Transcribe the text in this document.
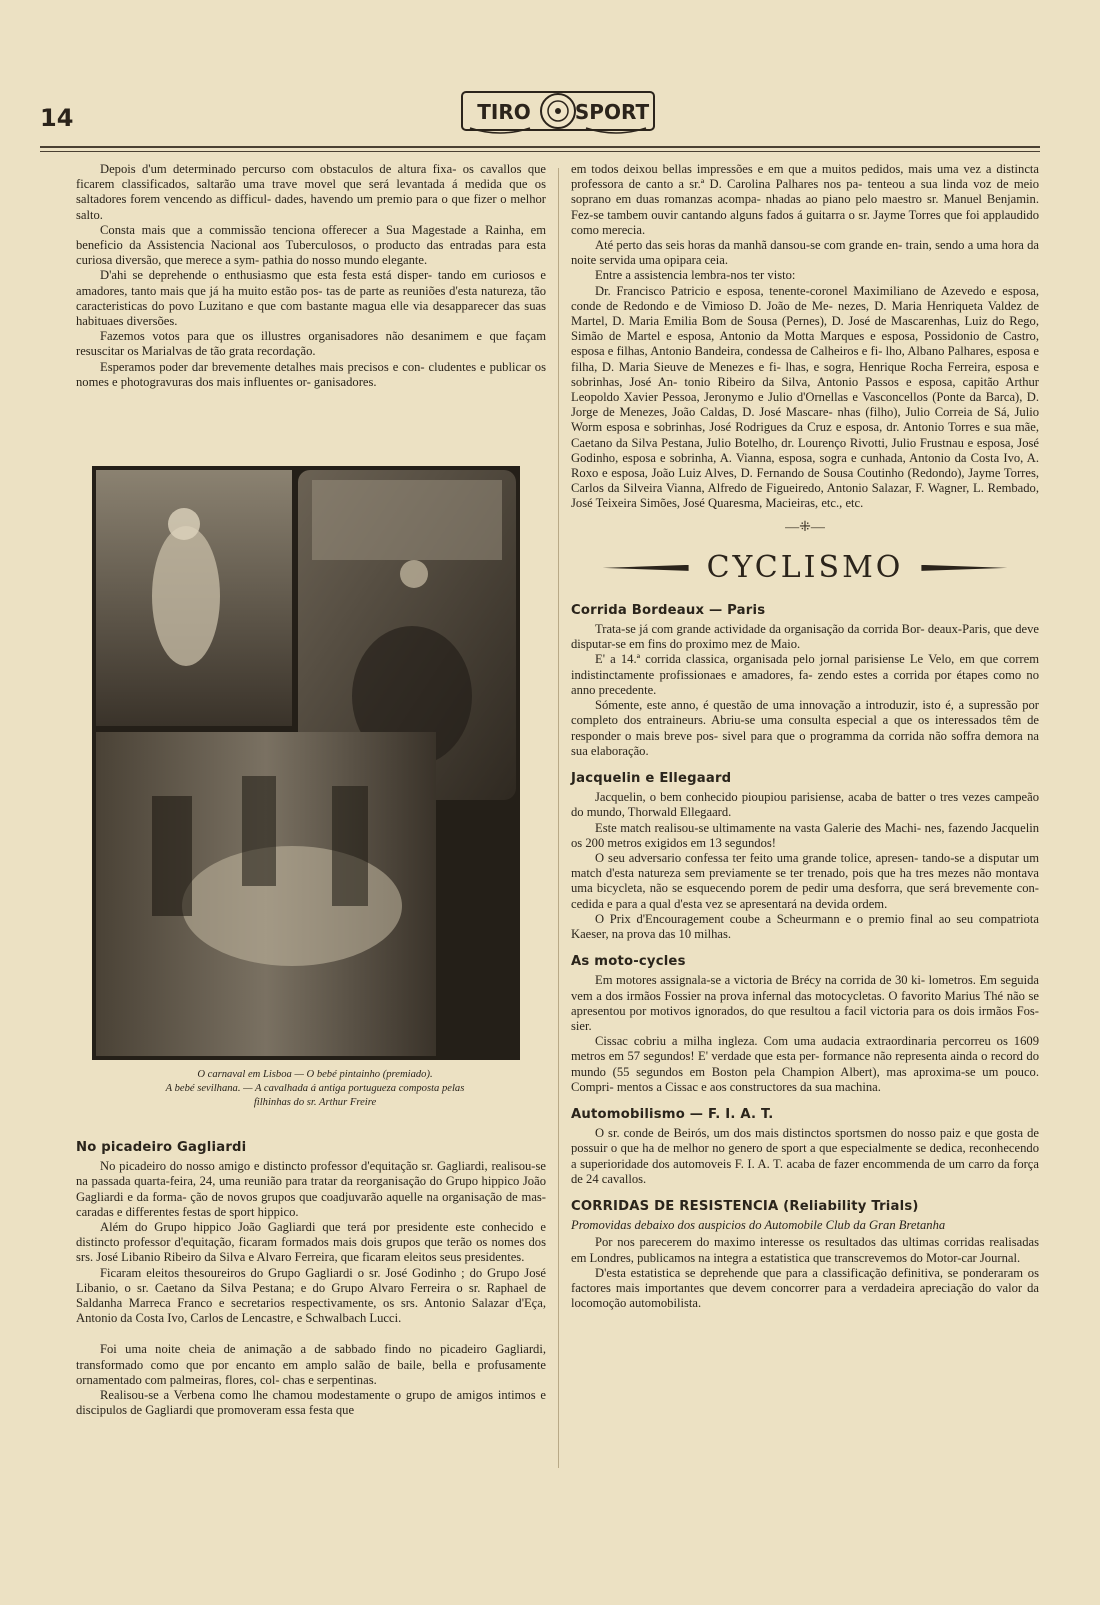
14	TIRO SPORT

Depois d'um determinado percurso com obstaculos de altura fixa- os cavallos que ficarem classificados, saltarão uma trave movel que será levantada á medida que os saltadores forem vencendo as difficul- dades, havendo um premio para o que fizer o melhor salto.

Consta mais que a commissão tenciona offerecer a Sua Magestade a Rainha, em beneficio da Assistencia Nacional aos Tuberculosos, o producto das entradas para esta curiosa diversão, que merece a sym- pathia do nosso mundo elegante.

D'ahi se deprehende o enthusiasmo que esta festa está disper- tando em curiosos e amadores, tanto mais que já ha muito estão pos- tas de parte as reuniões d'esta natureza, tão caracteristicas do povo Luzitano e que com bastante magua elle via desapparecer das suas habituaes diversões.

Fazemos votos para que os illustres organisadores não desanimem e que façam resuscitar os Marialvas de tão grata recordação.

Esperamos poder dar brevemente detalhes mais precisos e con- cludentes e publicar os nomes e photogravuras dos mais influentes or- ganisadores.

O carnaval em Lisboa — O bebé pintainho (premiado).
A bebé sevilhana. — A cavalhada á antiga portugueza composta pelas
filhinhas do sr. Arthur Freire
No picadeiro Gagliardi

No picadeiro do nosso amigo e distincto professor d'equitação sr. Gagliardi, realisou-se na passada quarta-feira, 24, uma reunião para tratar da reorganisação do Grupo hippico João Gagliardi e da forma- ção de novos grupos que coadjuvarão aquelle na organisação de mas- caradas e differentes festas de sport hippico.

Além do Grupo hippico João Gagliardi que terá por presidente este conhecido e distincto professor d'equitação, ficaram formados mais dois grupos que terão os nomes dos srs. José Libanio Ribeiro da Silva e Alvaro Ferreira, que ficaram eleitos seus presidentes.

Ficaram eleitos thesoureiros do Grupo Gagliardi o sr. José Godinho ; do Grupo José Libanio, o sr. Caetano da Silva Pestana; e do Grupo Alvaro Ferreira o sr. Raphael de Saldanha Marreca Franco e secretarios respectivamente, os srs. Antonio Salazar d'Eça, Antonio da Costa Ivo, Carlos de Lencastre, e Schwalbach Lucci.

Foi uma noite cheia de animação a de sabbado findo no picadeiro Gagliardi, transformado como que por encanto em amplo salão de baile, bella e profusamente ornamentado com palmeiras, flores, col- chas e serpentinas.

Realisou-se a Verbena como lhe chamou modestamente o grupo de amigos intimos e discipulos de Gagliardi que promoveram essa festa que

em todos deixou bellas impressões e em que a muitos pedidos, mais uma vez a distincta professora de canto a sr.ª D. Carolina Palhares nos pa- tenteou a sua linda voz de meio soprano em duas romanzas acompa- nhadas ao piano pelo maestro sr. Manuel Benjamin. Fez-se tambem ouvir cantando alguns fados á guitarra o sr. Jayme Torres que foi applaudido como merecia.

Até perto das seis horas da manhã dansou-se com grande en- train, sendo a uma hora da noite servida uma opipara ceia.

Entre a assistencia lembra-nos ter visto:

Dr. Francisco Patricio e esposa, tenente-coronel Maximiliano de Azevedo e esposa, conde de Redondo e de Vimioso D. João de Me- nezes, D. Maria Henriqueta Valdez de Martel, D. Maria Emilia Bom de Sousa (Pernes), D. José de Mascarenhas, Luiz do Rego, Simão de Martel e esposa, Antonio da Motta Marques e esposa, Possidonio de Castro, esposa e filhas, Antonio Bandeira, condessa de Calheiros e fi- lho, Albano Palhares, esposa e filha, D. Maria Sieuve de Menezes e fi- lhas, e sogra, Henrique Rocha Ferreira, esposa e sobrinhas, José An- tonio Ribeiro da Silva, Antonio Passos e esposa, capitão Arthur Leopoldo Xavier Pessoa, Jeronymo e Julio d'Ornellas e Vasconcellos (Ponte da Barca), D. Jorge de Menezes, João Caldas, D. José Mascare- nhas (filho), Julio Correia de Sá, Julio Worm esposa e sobrinhas, José Rodrigues da Cruz e esposa, dr. Antonio Torres e sua mãe, Caetano da Silva Pestana, Julio Botelho, dr. Lourenço Rivotti, Julio Frustnau e esposa, José Godinho, esposa e sobrinha, A. Vianna, esposa, sogra e cunhada, Antonio da Costa Ivo, A. Roxo e esposa, João Luiz Alves, D. Fernando de Sousa Coutinho (Redondo), Jayme Torres, Carlos da Silveira Vianna, Alfredo de Figueiredo, Antonio Salazar, F. Wagner, L. Rembado, José Teixeira Simões, José Quaresma, Macieiras, etc., etc.

—⁜—
CYCLISMO
Corrida Bordeaux — Paris

Trata-se já com grande actividade da organisação da corrida Bor- deaux-Paris, que deve disputar-se em fins do proximo mez de Maio.

E' a 14.ª corrida classica, organisada pelo jornal parisiense Le Velo, em que correm indistinctamente profissionaes e amadores, fa- zendo estes a corrida por étapes como no anno precedente.

Sómente, este anno, é questão de uma innovação a introduzir, isto é, a supressão por completo dos entraineurs. Abriu-se uma consulta especial a que os interessados têm de responder o mais breve pos- sivel para que o programma da corrida não soffra demora na sua elaboração.

Jacquelin e Ellegaard

Jacquelin, o bem conhecido pioupiou parisiense, acaba de batter o tres vezes campeão do mundo, Thorwald Ellegaard.

Este match realisou-se ultimamente na vasta Galerie des Machi- nes, fazendo Jacquelin os 200 metros exigidos em 13 segundos!

O seu adversario confessa ter feito uma grande tolice, apresen- tando-se a disputar um match d'esta natureza sem previamente se ter trenado, pois que ha tres mezes não montava uma bicycleta, não se esquecendo porem de pedir uma desforra, que será brevemente con- cedida e para a qual d'esta vez se apresentará na devida ordem.

O Prix d'Encouragement coube a Scheurmann e o premio final ao seu compatriota Kaeser, na prova das 10 milhas.

As moto-cycles

Em motores assignala-se a victoria de Brécy na corrida de 30 ki- lometros. Em seguida vem a dos irmãos Fossier na prova infernal das motocycletas. O favorito Marius Thé não se apresentou por motivos ignorados, do que resultou a facil victoria para os dois irmãos Fos- sier.

Cissac cobriu a milha ingleza. Com uma audacia extraordinaria percorreu os 1609 metros em 57 segundos! E' verdade que esta per- formance não representa ainda o record do mundo (55 segundos em Boston pela Champion Albert), mas aproxima-se um pouco. Compri- mentos a Cissac e aos constructores da sua machina.

Automobilismo — F. I. A. T.

O sr. conde de Beirós, um dos mais distinctos sportsmen do nosso paiz e que gosta de possuir o que ha de melhor no genero de sport a que especialmente se dedica, reconhecendo a superioridade dos automoveis F. I. A. T. acaba de fazer encommenda de um carro da força de 24 cavallos.

CORRIDAS DE RESISTENCIA (Reliability Trials)

Promovidas debaixo dos auspicios do Automobile Club da Gran Bretanha

Por nos parecerem do maximo interesse os resultados das ultimas corridas realisadas em Londres, publicamos na integra a estatistica que transcrevemos do Motor-car Journal.

D'esta estatistica se deprehende que para a classificação definitiva, se ponderaram os factores mais importantes que devem concorrer para a verdadeira apreciação do valor da locomoção automobilista.
